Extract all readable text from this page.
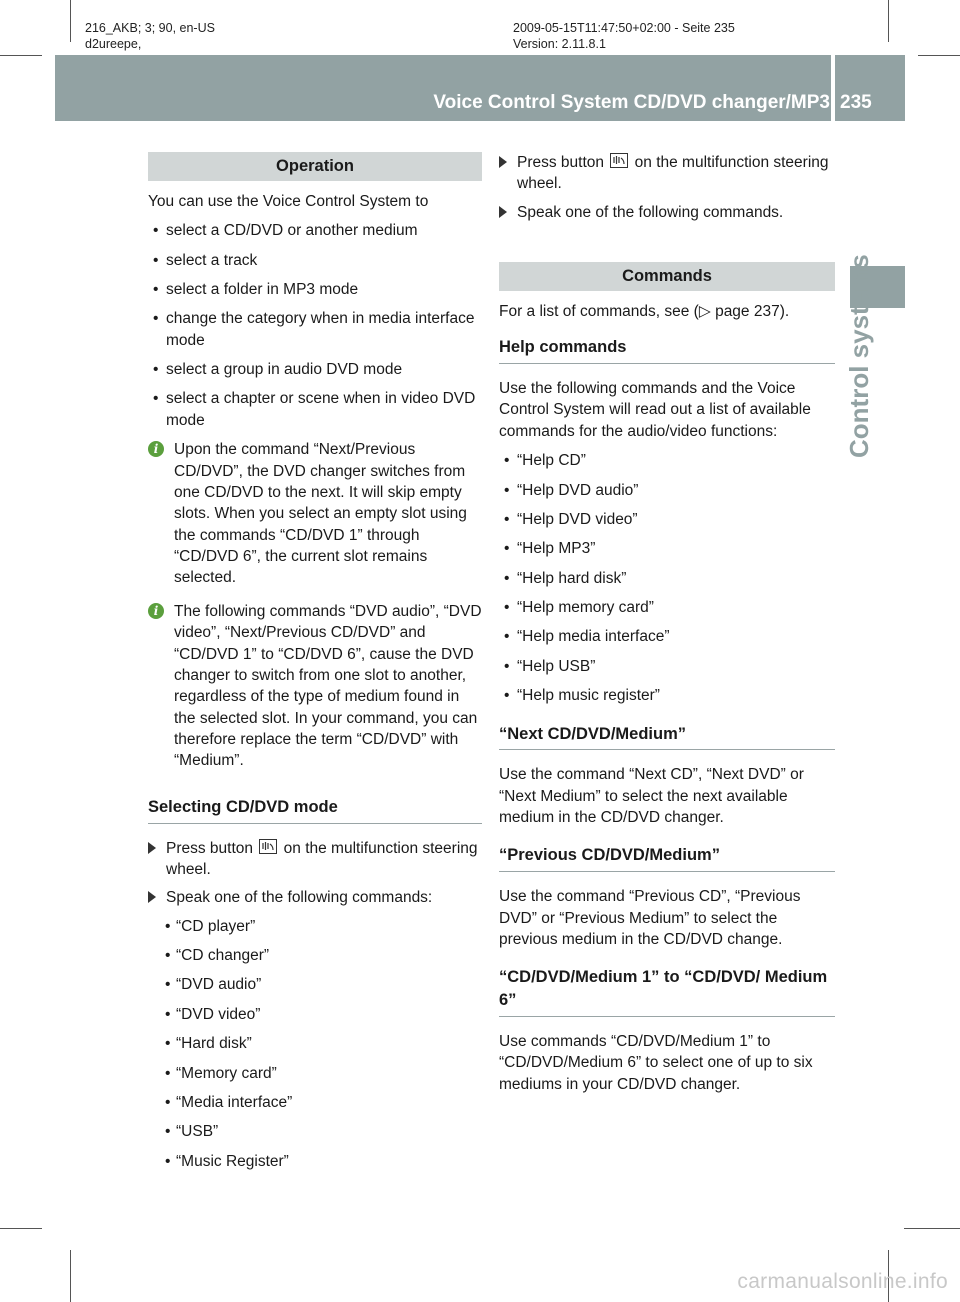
216_AKB; 3; 90, en-US
d2ureepe,
2009-05-15T11:47:50+02:00 - Seite 235
Version: 2.11.8.1
Voice Control System CD/DVD changer/MP3 235
Control systems
Operation

You can use the Voice Control System to

• select a CD/DVD or another medium
• select a track
• select a folder in MP3 mode
• change the category when in media interface mode
• select a group in audio DVD mode
• select a chapter or scene when in video DVD mode
i	Upon the command “Next/Previous CD/DVD”, the DVD changer switches from one CD/DVD to the next. It will skip empty slots. When you select an empty slot using the commands “CD/DVD 1” through “CD/DVD 6”, the current slot remains selected.
i	The following commands “DVD audio”, “DVD video”, “Next/Previous CD/DVD” and “CD/DVD 1” to “CD/DVD 6”, cause the DVD changer to switch from one slot to another, regardless of the type of medium found in the selected slot. In your command, you can therefore replace the term “CD/DVD” with “Medium”.
Selecting CD/DVD mode
Press button on the multifunction steering wheel.
Speak one of the following commands:
• “CD player”
• “CD changer”
• “DVD audio”
• “DVD video”
• “Hard disk”
• “Memory card”
• “Media interface”
• “USB”
• “Music Register”
Press button on the multifunction steering wheel.
Speak one of the following commands.
Commands

For a list of commands, see (▷ page 237).

Help commands

Use the following commands and the Voice Control System will read out a list of available commands for the audio/video functions:

• “Help CD”
• “Help DVD audio”
• “Help DVD video”
• “Help MP3”
• “Help hard disk”
• “Help memory card”
• “Help media interface”
• “Help USB”
• “Help music register”
“Next CD/DVD/Medium”

Use the command “Next CD”, “Next DVD” or “Next Medium” to select the next available medium in the CD/DVD changer.

“Previous CD/DVD/Medium”

Use the command “Previous CD”, “Previous DVD” or “Previous Medium” to select the previous medium in the CD/DVD change.

“CD/DVD/Medium 1” to “CD/DVD/ Medium 6”

Use commands “CD/DVD/Medium 1” to “CD/DVD/Medium 6” to select one of up to six mediums in your CD/DVD changer.

carmanualsonline.info
